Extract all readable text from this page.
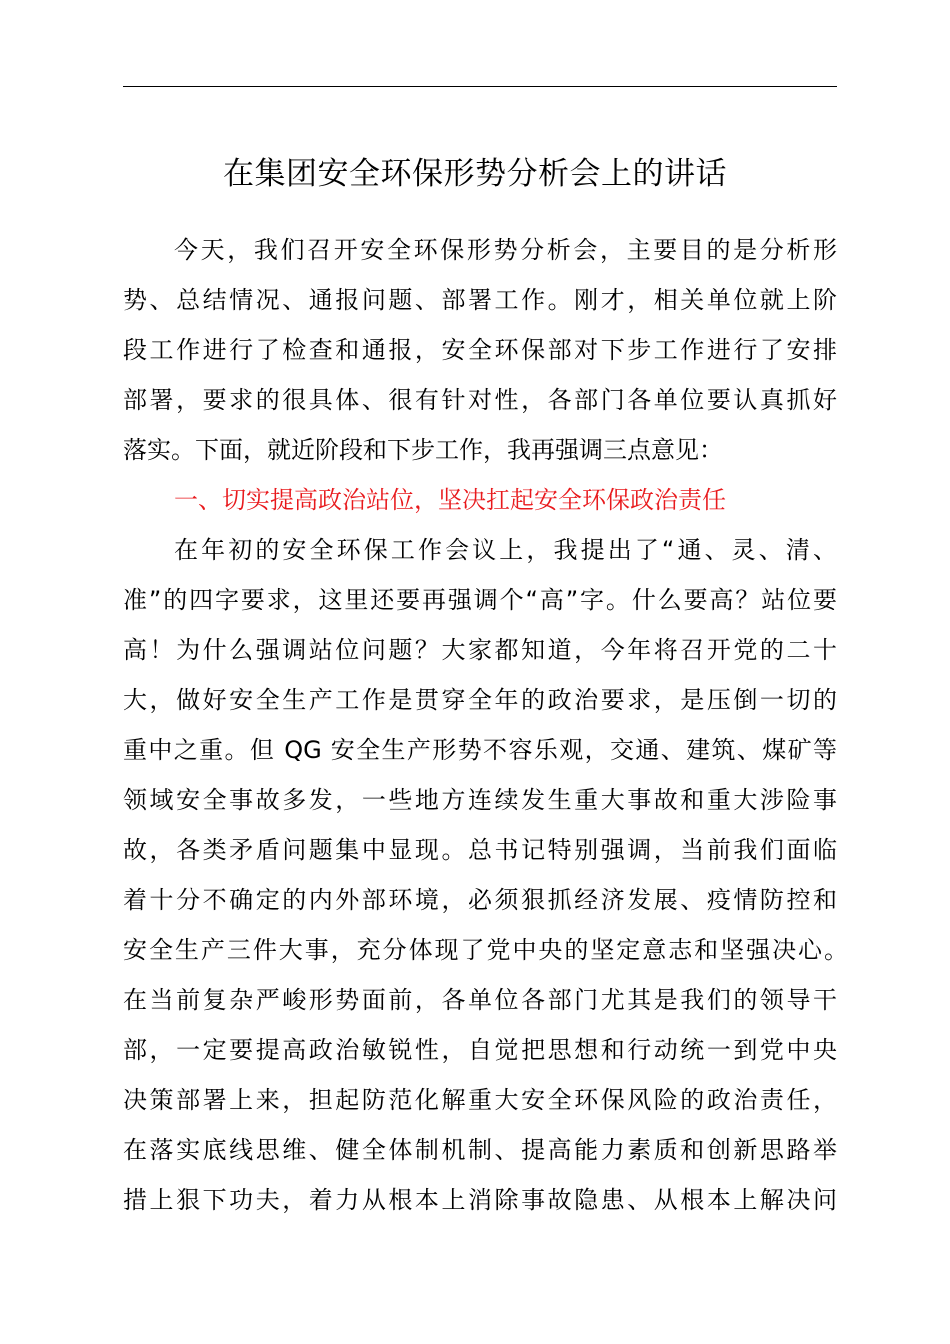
在集团安全环保形势分析会上的讲话

今天，我们召开安全环保形势分析会，主要目的是分析形

势、总结情况、通报问题、部署工作。刚才，相关单位就上阶

段工作进行了检查和通报，安全环保部对下步工作进行了安排

部署，要求的很具体、很有针对性，各部门各单位要认真抓好

落实。下面，就近阶段和下步工作，我再强调三点意见：

一、切实提高政治站位，坚决扛起安全环保政治责任

在年初的安全环保工作会议上，我提出了“通、灵、清、

准”的四字要求，这里还要再强调个“高”字。什么要高？站位要

高！为什么强调站位问题？大家都知道，今年将召开党的二十

大，做好安全生产工作是贯穿全年的政治要求，是压倒一切的

重中之重。但 QG 安全生产形势不容乐观，交通、建筑、煤矿等

领域安全事故多发，一些地方连续发生重大事故和重大涉险事

故，各类矛盾问题集中显现。总书记特别强调，当前我们面临

着十分不确定的内外部环境，必须狠抓经济发展、疫情防控和

安全生产三件大事，充分体现了党中央的坚定意志和坚强决心。

在当前复杂严峻形势面前，各单位各部门尤其是我们的领导干

部，一定要提高政治敏锐性，自觉把思想和行动统一到党中央

决策部署上来，担起防范化解重大安全环保风险的政治责任，

在落实底线思维、健全体制机制、提高能力素质和创新思路举

措上狠下功夫，着力从根本上消除事故隐患、从根本上解决问
